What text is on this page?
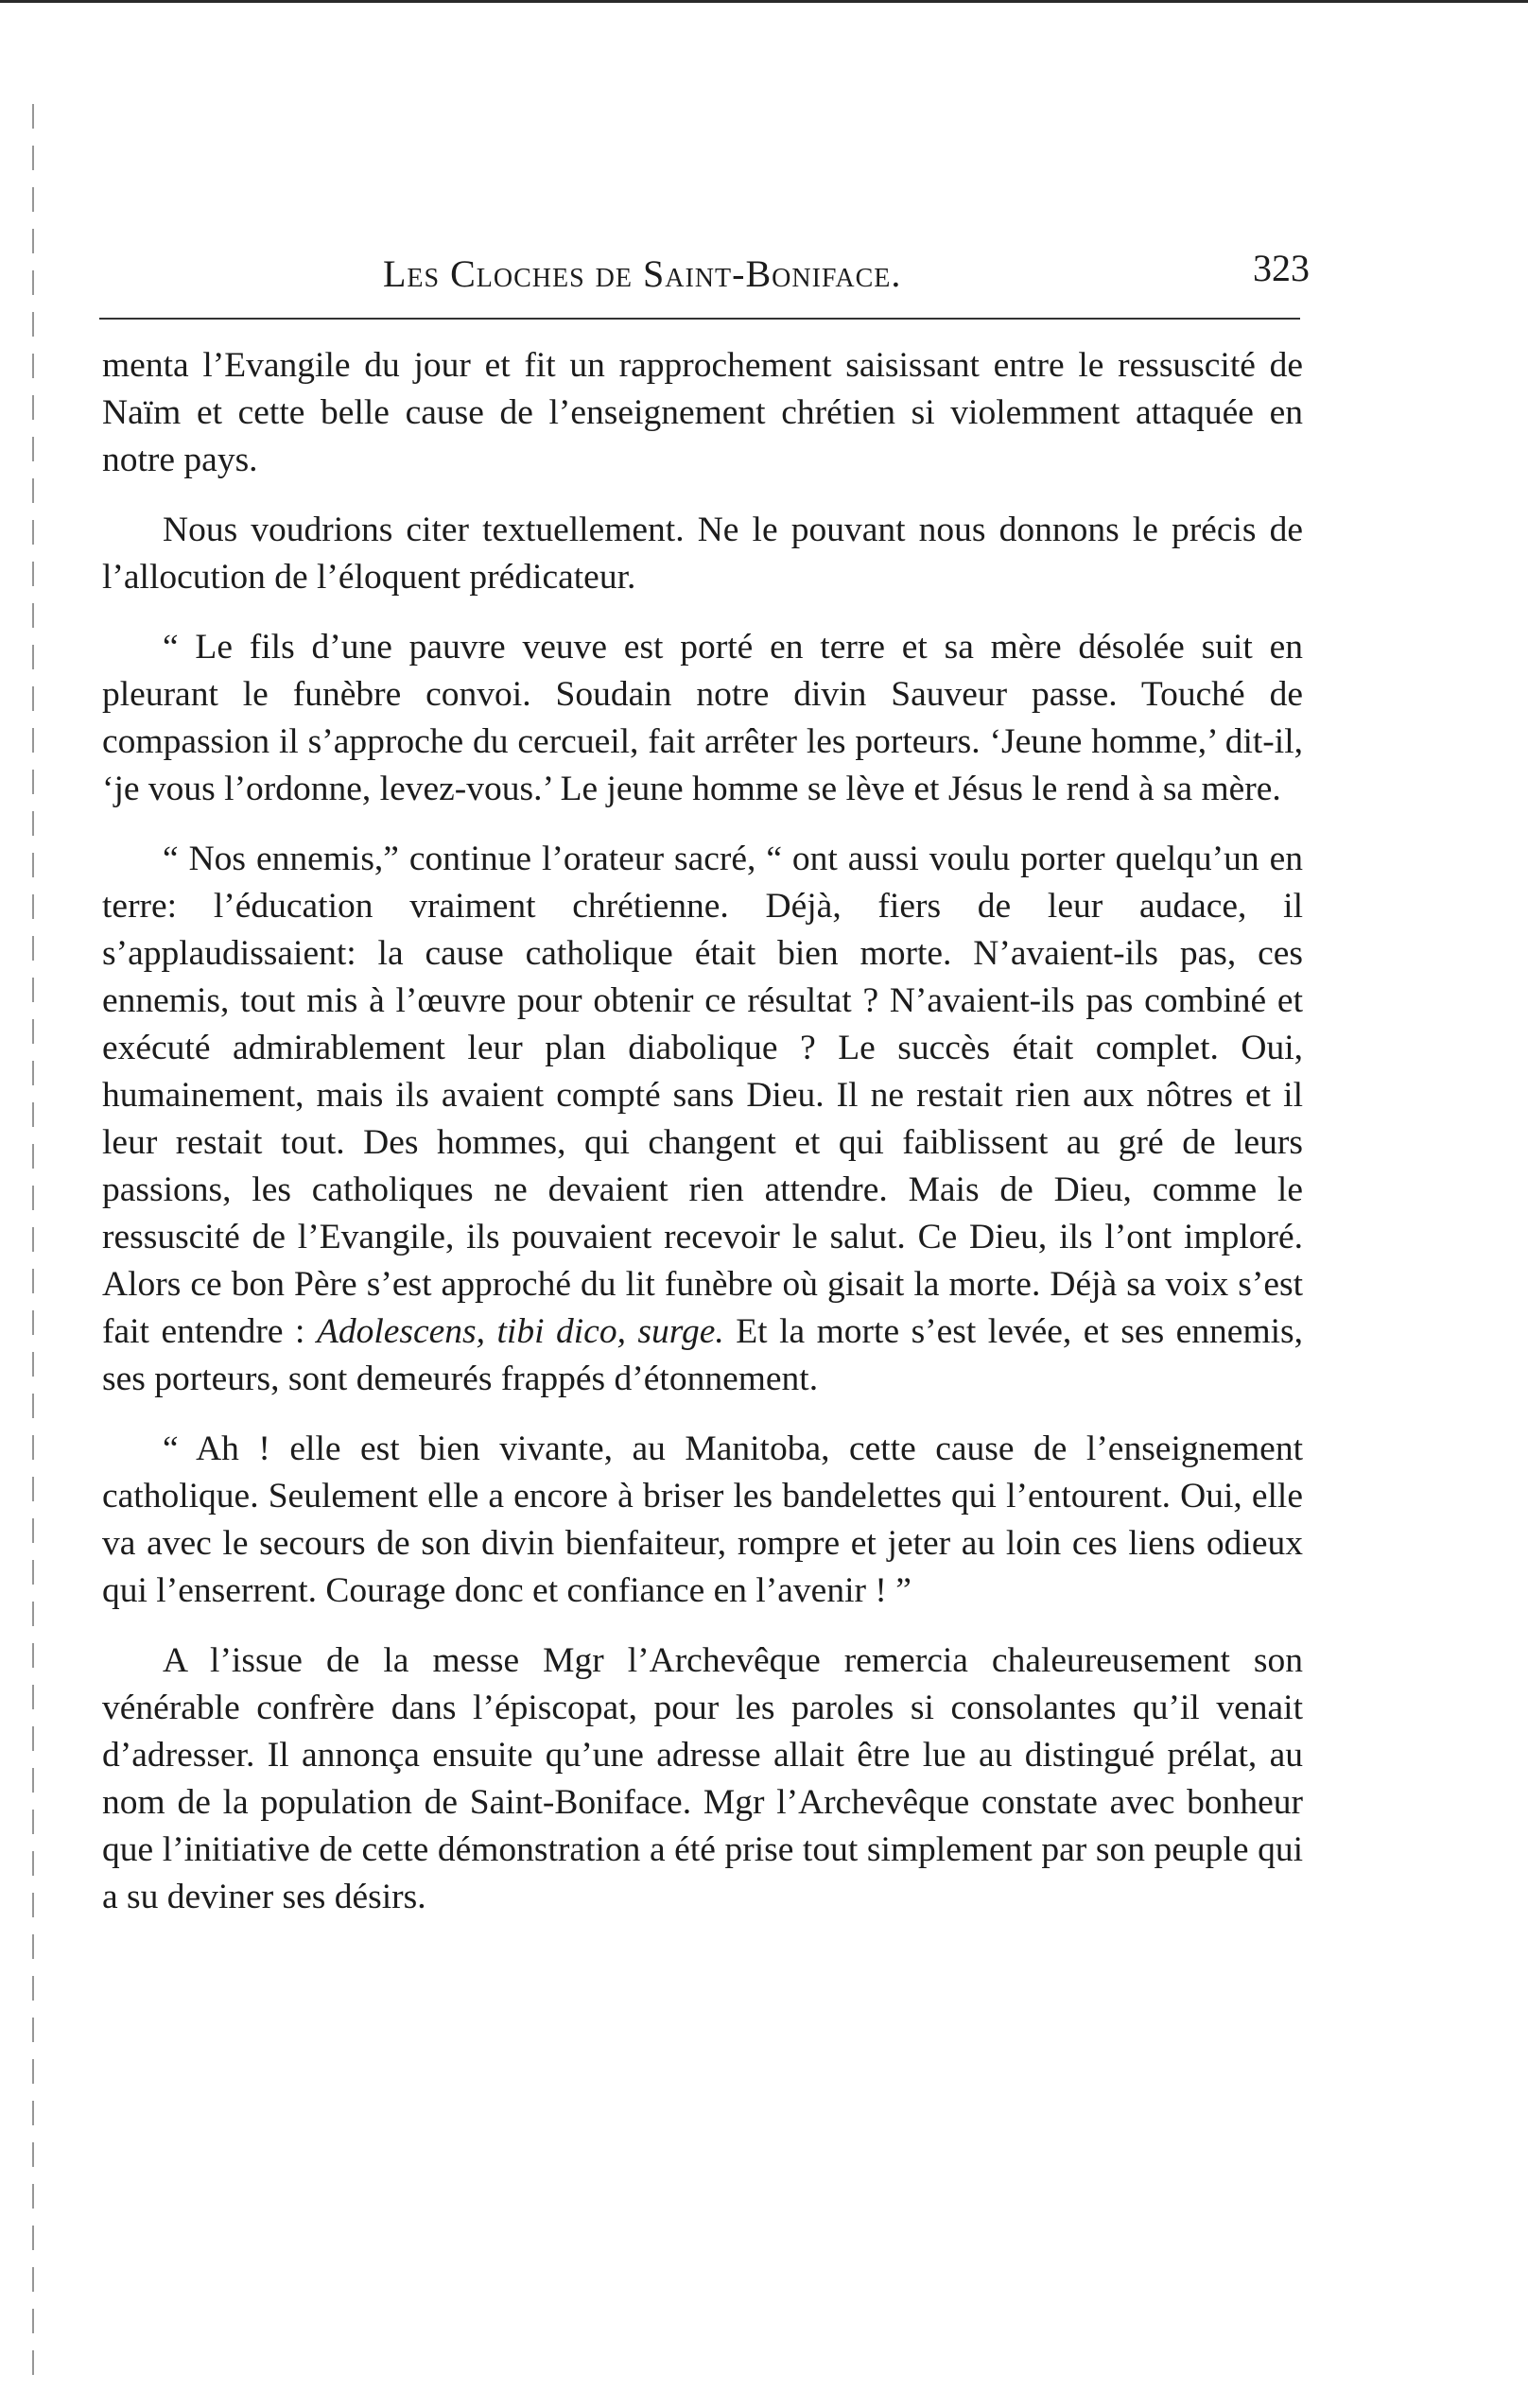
Les Cloches de Saint-Boniface.	323

menta l’Evangile du jour et fit un rapprochement saisissant entre le ressuscité de Naïm et cette belle cause de l’enseignement chrétien si violemment attaquée en notre pays.

Nous voudrions citer textuellement. Ne le pouvant nous donnons le précis de l’allocution de l’éloquent prédicateur.

“ Le fils d’une pauvre veuve est porté en terre et sa mère désolée suit en pleurant le funèbre convoi. Soudain notre divin Sauveur passe. Touché de compassion il s’approche du cercueil, fait arrêter les porteurs. ‘Jeune homme,’ dit-il, ‘je vous l’ordonne, levez-vous.’ Le jeune homme se lève et Jésus le rend à sa mère.

“ Nos ennemis,” continue l’orateur sacré, “ ont aussi voulu porter quelqu’un en terre: l’éducation vraiment chrétienne. Déjà, fiers de leur audace, il s’applaudissaient: la cause catholique était bien morte. N’avaient-ils pas, ces ennemis, tout mis à l’œuvre pour obtenir ce résultat ? N’avaient-ils pas combiné et exécuté admirablement leur plan diabolique ? Le succès était complet. Oui, humainement, mais ils avaient compté sans Dieu. Il ne restait rien aux nôtres et il leur restait tout. Des hommes, qui changent et qui faiblissent au gré de leurs passions, les catholiques ne devaient rien attendre. Mais de Dieu, comme le ressuscité de l’Evangile, ils pouvaient recevoir le salut. Ce Dieu, ils l’ont imploré. Alors ce bon Père s’est approché du lit funèbre où gisait la morte. Déjà sa voix s’est fait entendre : Adolescens, tibi dico, surge. Et la morte s’est levée, et ses ennemis, ses porteurs, sont demeurés frappés d’étonnement.

“ Ah ! elle est bien vivante, au Manitoba, cette cause de l’enseignement catholique. Seulement elle a encore à briser les bandelettes qui l’entourent. Oui, elle va avec le secours de son divin bienfaiteur, rompre et jeter au loin ces liens odieux qui l’enserrent. Courage donc et confiance en l’avenir ! ”

A l’issue de la messe Mgr l’Archevêque remercia chaleureusement son vénérable confrère dans l’épiscopat, pour les paroles si consolantes qu’il venait d’adresser. Il annonça ensuite qu’une adresse allait être lue au distingué prélat, au nom de la population de Saint-Boniface. Mgr l’Archevêque constate avec bonheur que l’initiative de cette démonstration a été prise tout simplement par son peuple qui a su deviner ses désirs.
